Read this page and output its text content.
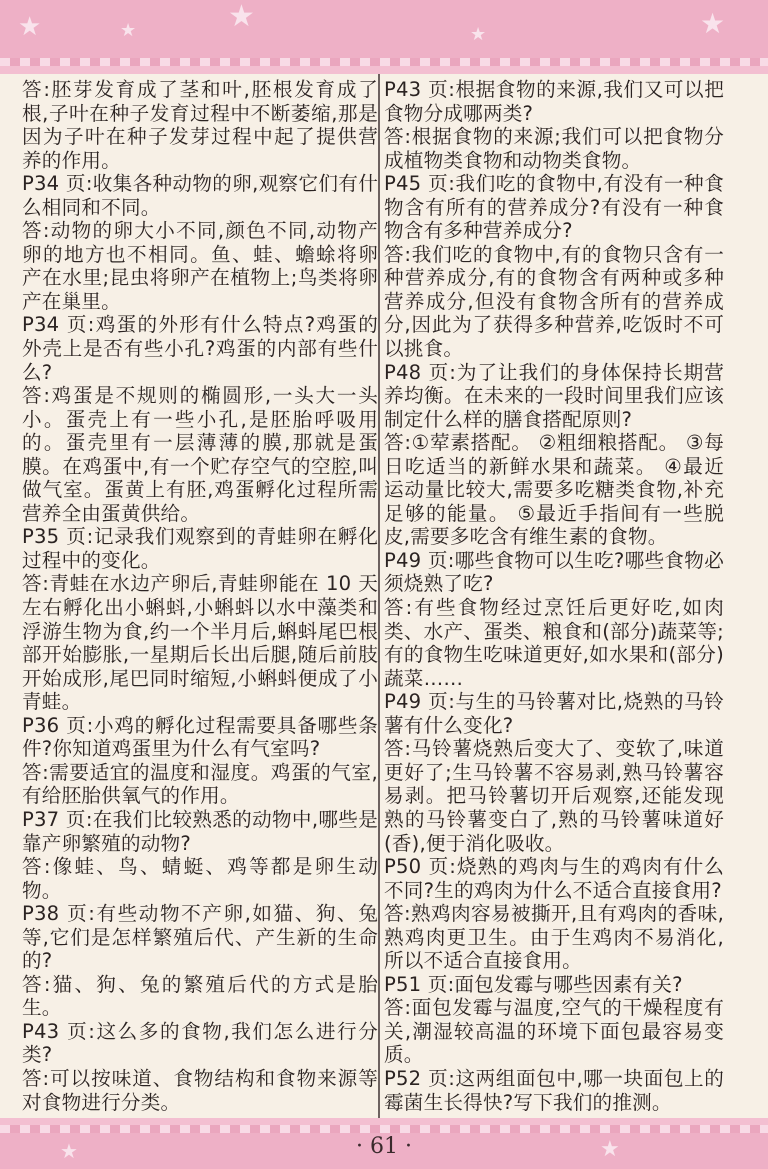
★	★	★
★	★

答:胚芽发育成了茎和叶,胚根发育成了根,子叶在种子发育过程中不断萎缩,那是因为子叶在种子发芽过程中起了提供营养的作用。

P34 页:收集各种动物的卵,观察它们有什么相同和不同。

答:动物的卵大小不同,颜色不同,动物产卵的地方也不相同。鱼、蛙、蟾蜍将卵产在水里;昆虫将卵产在植物上;鸟类将卵产在巢里。

P34 页:鸡蛋的外形有什么特点?鸡蛋的外壳上是否有些小孔?鸡蛋的内部有些什么?

答:鸡蛋是不规则的椭圆形,一头大一头小。蛋壳上有一些小孔,是胚胎呼吸用的。蛋壳里有一层薄薄的膜,那就是蛋膜。在鸡蛋中,有一个贮存空气的空腔,叫做气室。蛋黄上有胚,鸡蛋孵化过程所需营养全由蛋黄供给。

P35 页:记录我们观察到的青蛙卵在孵化过程中的变化。

答:青蛙在水边产卵后,青蛙卵能在 10 天左右孵化出小蝌蚪,小蝌蚪以水中藻类和浮游生物为食,约一个半月后,蝌蚪尾巴根部开始膨胀,一星期后长出后腿,随后前肢开始成形,尾巴同时缩短,小蝌蚪便成了小青蛙。

P36 页:小鸡的孵化过程需要具备哪些条件?你知道鸡蛋里为什么有气室吗?

答:需要适宜的温度和湿度。鸡蛋的气室,有给胚胎供氧气的作用。

P37 页:在我们比较熟悉的动物中,哪些是靠产卵繁殖的动物?

答:像蛙、鸟、蜻蜓、鸡等都是卵生动物。

P38 页:有些动物不产卵,如猫、狗、兔等,它们是怎样繁殖后代、产生新的生命的?

答:猫、狗、兔的繁殖后代的方式是胎生。

P43 页:这么多的食物,我们怎么进行分类?

答:可以按味道、食物结构和食物来源等对食物进行分类。

P43 页:根据食物的来源,我们又可以把食物分成哪两类?

答:根据食物的来源;我们可以把食物分成植物类食物和动物类食物。

P45 页:我们吃的食物中,有没有一种食物含有所有的营养成分?有没有一种食物含有多种营养成分?

答:我们吃的食物中,有的食物只含有一种营养成分,有的食物含有两种或多种营养成分,但没有食物含所有的营养成分,因此为了获得多种营养,吃饭时不可以挑食。

P48 页:为了让我们的身体保持长期营养均衡。在未来的一段时间里我们应该制定什么样的膳食搭配原则?

答:①荤素搭配。 ②粗细粮搭配。 ③每日吃适当的新鲜水果和蔬菜。 ④最近运动量比较大,需要多吃糖类食物,补充足够的能量。 ⑤最近手指间有一些脱皮,需要多吃含有维生素的食物。

P49 页:哪些食物可以生吃?哪些食物必须烧熟了吃?

答:有些食物经过烹饪后更好吃,如肉类、水产、蛋类、粮食和(部分)蔬菜等;有的食物生吃味道更好,如水果和(部分)蔬菜……

P49 页:与生的马铃薯对比,烧熟的马铃薯有什么变化?

答:马铃薯烧熟后变大了、变软了,味道更好了;生马铃薯不容易剥,熟马铃薯容易剥。把马铃薯切开后观察,还能发现熟的马铃薯变白了,熟的马铃薯味道好(香),便于消化吸收。

P50 页:烧熟的鸡肉与生的鸡肉有什么不同?生的鸡肉为什么不适合直接食用?

答:熟鸡肉容易被撕开,且有鸡肉的香味,熟鸡肉更卫生。由于生鸡肉不易消化,所以不适合直接食用。

P51 页:面包发霉与哪些因素有关?

答:面包发霉与温度,空气的干燥程度有关,潮湿较高温的环境下面包最容易变质。

P52 页:这两组面包中,哪一块面包上的霉菌生长得快?写下我们的推测。

★	★
· 61 ·
